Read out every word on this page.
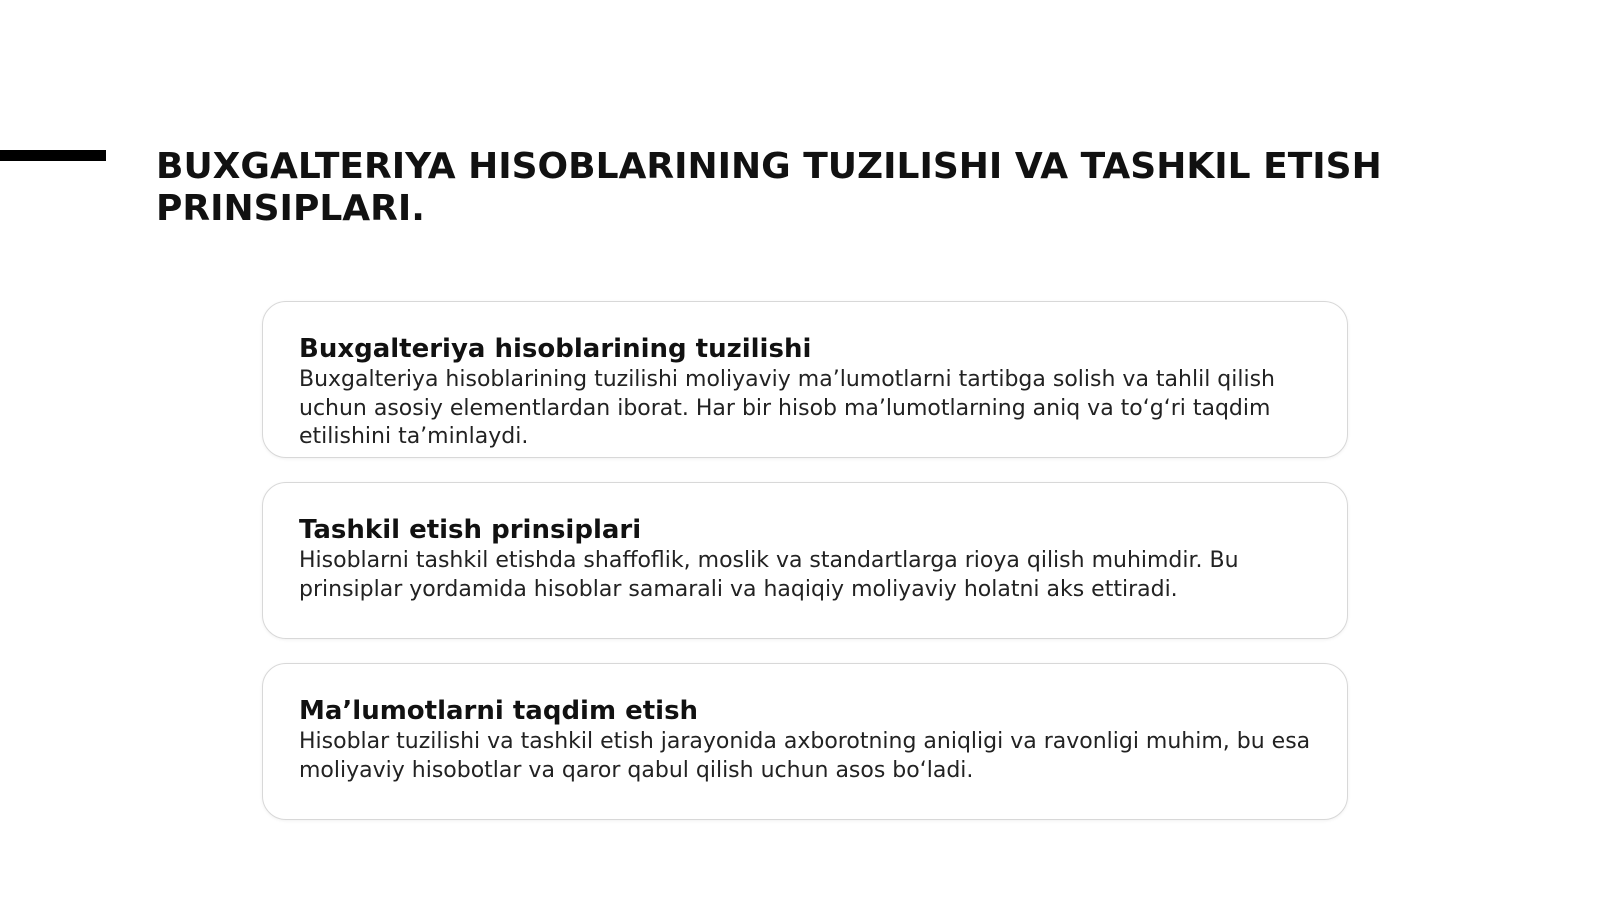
BUXGALTERIYA HISOBLARINING TUZILISHI VA TASHKIL ETISH PRINSIPLARI.
Buxgalteriya hisoblarining tuzilishi

Buxgalteriya hisoblarining tuzilishi moliyaviy ma’lumotlarni tartibga solish va tahlil qilish uchun asosiy elementlardan iborat. Har bir hisob ma’lumotlarning aniq va to‘g‘ri taqdim etilishini ta’minlaydi.

Tashkil etish prinsiplari

Hisoblarni tashkil etishda shaffoflik, moslik va standartlarga rioya qilish muhimdir. Bu prinsiplar yordamida hisoblar samarali va haqiqiy moliyaviy holatni aks ettiradi.

Ma’lumotlarni taqdim etish

Hisoblar tuzilishi va tashkil etish jarayonida axborotning aniqligi va ravonligi muhim, bu esa moliyaviy hisobotlar va qaror qabul qilish uchun asos bo‘ladi.
